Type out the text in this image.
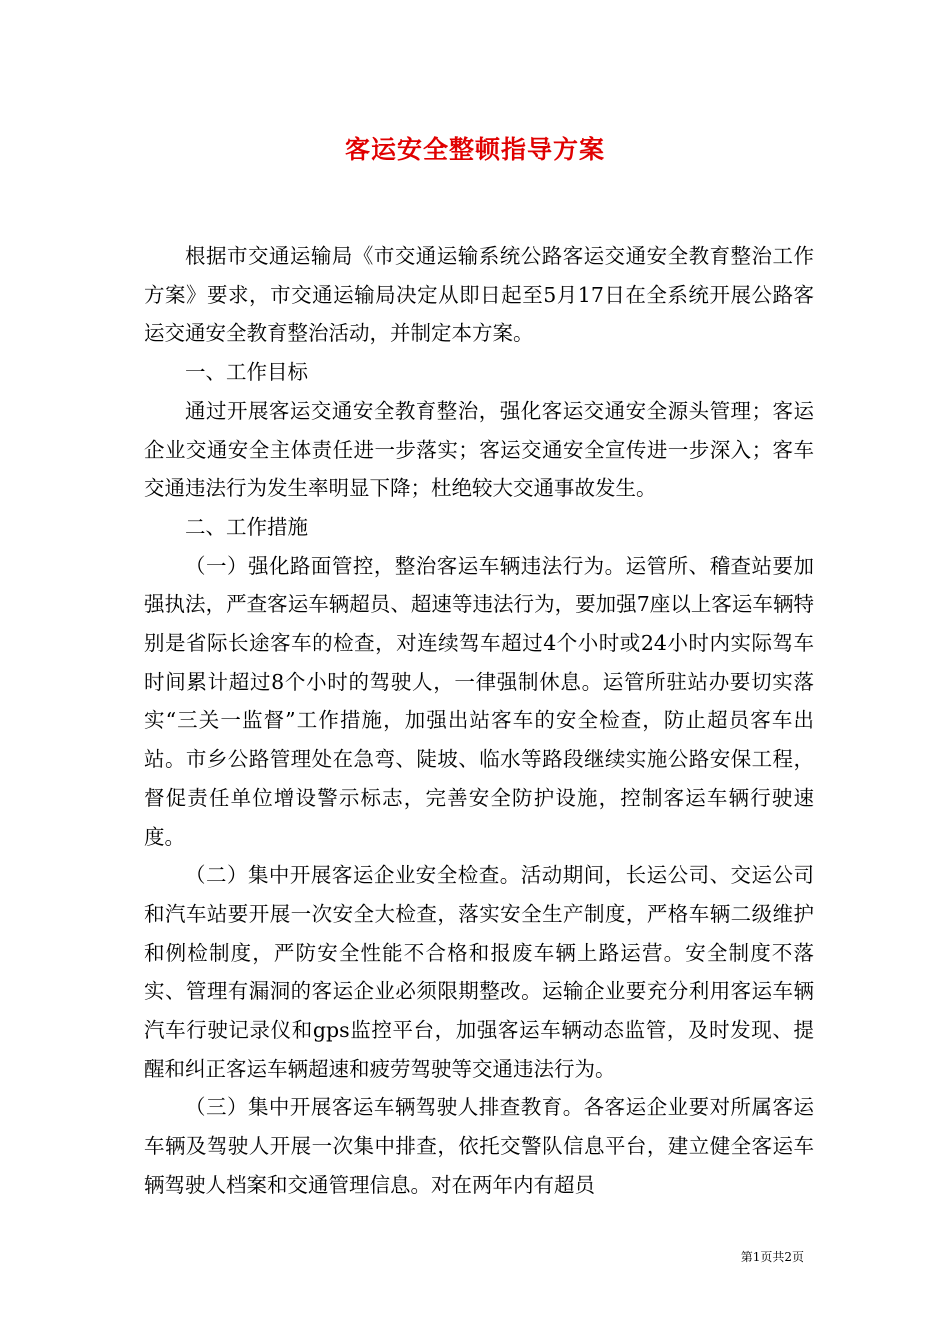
客运安全整顿指导方案

根据市交通运输局《市交通运输系统公路客运交通安全教育整治工作方案》要求，市交通运输局决定从即日起至5月17日在全系统开展公路客运交通安全教育整治活动，并制定本方案。

一、工作目标

通过开展客运交通安全教育整治，强化客运交通安全源头管理；客运企业交通安全主体责任进一步落实；客运交通安全宣传进一步深入；客车交通违法行为发生率明显下降；杜绝较大交通事故发生。

二、工作措施

（一）强化路面管控，整治客运车辆违法行为。运管所、稽查站要加强执法，严查客运车辆超员、超速等违法行为，要加强7座以上客运车辆特别是省际长途客车的检查，对连续驾车超过4个小时或24小时内实际驾车时间累计超过8个小时的驾驶人，一律强制休息。运管所驻站办要切实落实“三关一监督”工作措施，加强出站客车的安全检查，防止超员客车出站。市乡公路管理处在急弯、陡坡、临水等路段继续实施公路安保工程，督促责任单位增设警示标志，完善安全防护设施，控制客运车辆行驶速度。

（二）集中开展客运企业安全检查。活动期间，长运公司、交运公司和汽车站要开展一次安全大检查，落实安全生产制度，严格车辆二级维护和例检制度，严防安全性能不合格和报废车辆上路运营。安全制度不落实、管理有漏洞的客运企业必须限期整改。运输企业要充分利用客运车辆汽车行驶记录仪和gps监控平台，加强客运车辆动态监管，及时发现、提醒和纠正客运车辆超速和疲劳驾驶等交通违法行为。

（三）集中开展客运车辆驾驶人排查教育。各客运企业要对所属客运车辆及驾驶人开展一次集中排查，依托交警队信息平台，建立健全客运车辆驾驶人档案和交通管理信息。对在两年内有超员

第1页共2页
